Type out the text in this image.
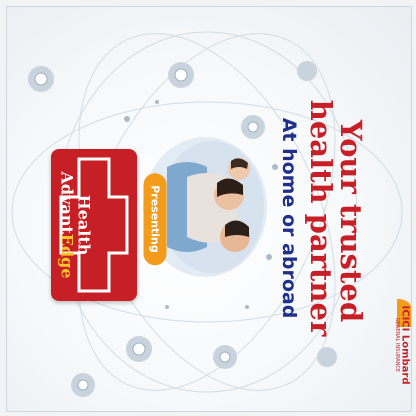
Presenting
Health
AdvantEdge	Your trusted
health partner
At home or abroad
ICICI Lombard
GENERAL INSURANCE
